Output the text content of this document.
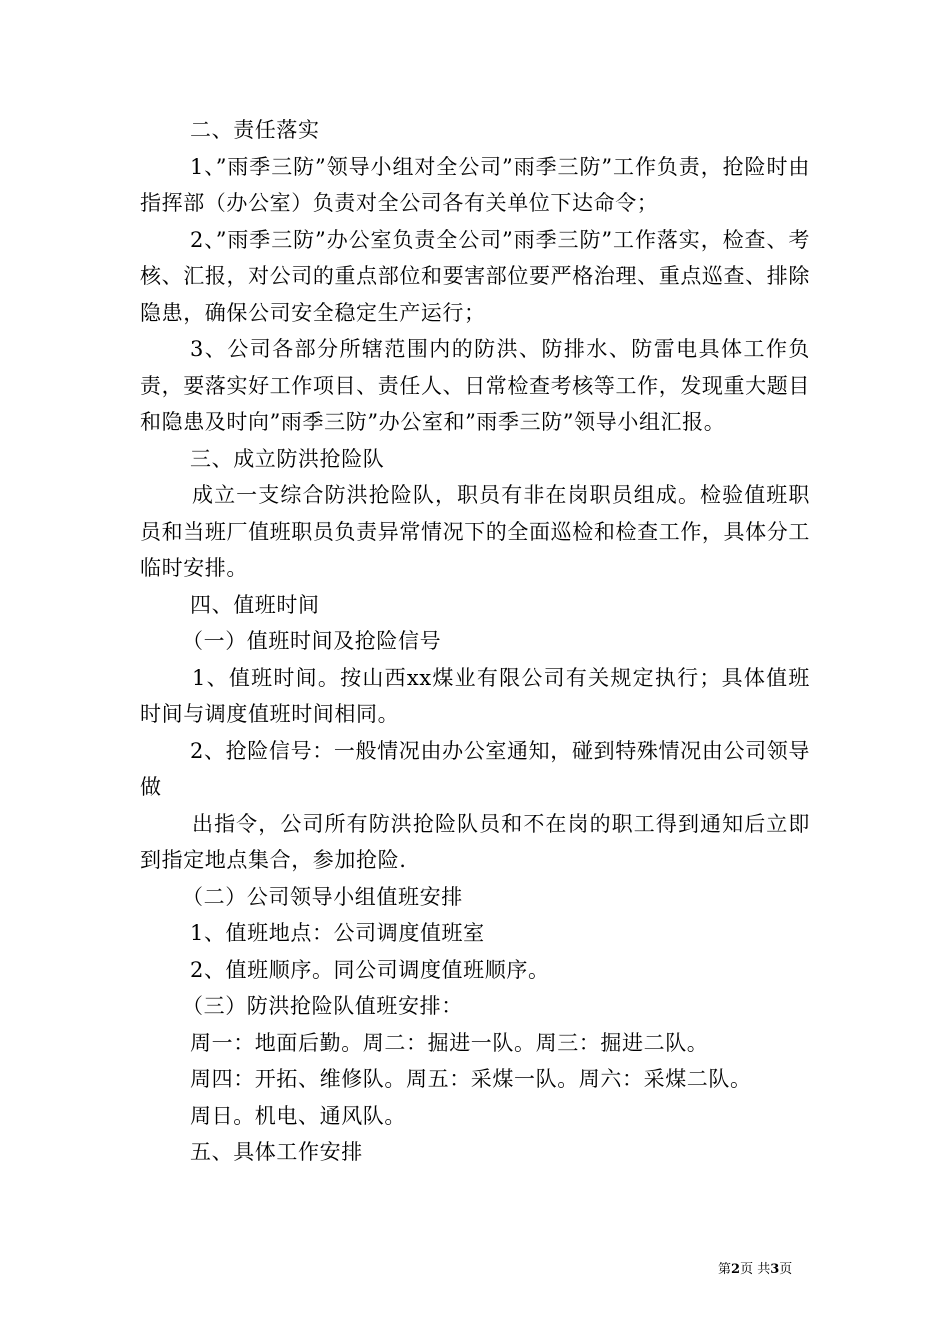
二、责任落实

1、”雨季三防”领导小组对全公司”雨季三防”工作负责，抢险时由指挥部（办公室）负责对全公司各有关单位下达命令；

2、”雨季三防”办公室负责全公司”雨季三防”工作落实，检查、考核、汇报，对公司的重点部位和要害部位要严格治理、重点巡查、排除隐患，确保公司安全稳定生产运行；

3、公司各部分所辖范围内的防洪、防排水、防雷电具体工作负责，要落实好工作项目、责任人、日常检查考核等工作，发现重大题目和隐患及时向”雨季三防”办公室和”雨季三防”领导小组汇报。

三、成立防洪抢险队

成立一支综合防洪抢险队，职员有非在岗职员组成。检验值班职员和当班厂值班职员负责异常情况下的全面巡检和检查工作，具体分工临时安排。

四、值班时间

（一）值班时间及抢险信号

1、值班时间。按山西xx煤业有限公司有关规定执行；具体值班时间与调度值班时间相同。

2、抢险信号：一般情况由办公室通知，碰到特殊情况由公司领导做

出指令，公司所有防洪抢险队员和不在岗的职工得到通知后立即到指定地点集合，参加抢险.

（二）公司领导小组值班安排

1、值班地点：公司调度值班室

2、值班顺序。同公司调度值班顺序。

（三）防洪抢险队值班安排：

周一：地面后勤。周二：掘进一队。周三：掘进二队。

周四：开拓、维修队。周五：采煤一队。周六：采煤二队。

周日。机电、通风队。

五、具体工作安排

第2页 共3页
